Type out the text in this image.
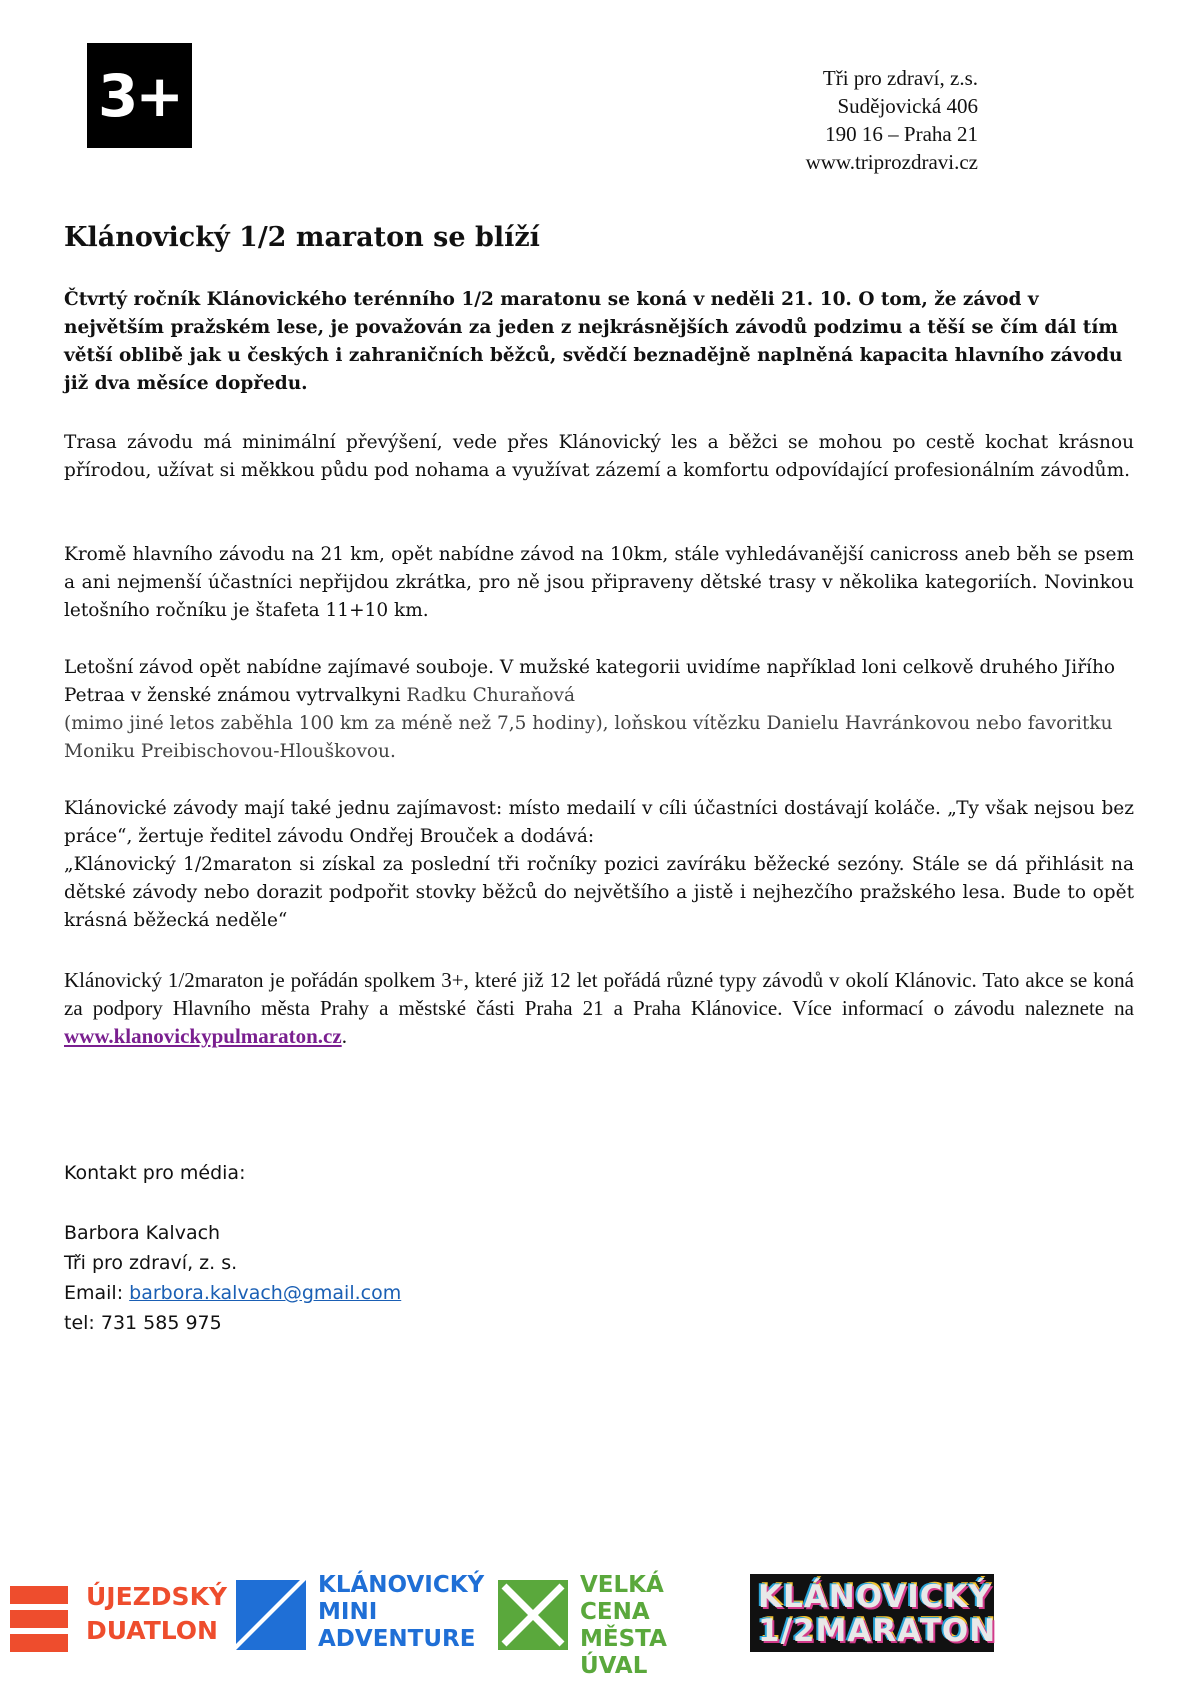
3+	Tři pro zdraví, z.s.
Sudějovická 406
190 16 – Praha 21
www.triprozdravi.cz
Klánovický 1/2 maraton se blíží

Čtvrtý ročník Klánovického terénního 1/2 maratonu se koná v neděli 21. 10. O tom, že závod v největším pražském lese, je považován za jeden z nejkrásnějších závodů podzimu a těší se čím dál tím větší oblibě jak u českých i zahraničních běžců, svědčí beznadějně naplněná kapacita hlavního závodu již dva měsíce dopředu.

Trasa závodu má minimální převýšení, vede přes Klánovický les a běžci se mohou po cestě kochat krásnou přírodou, užívat si měkkou půdu pod nohama a využívat zázemí a komfortu odpovídající profesionálním závodům.

Kromě hlavního závodu na 21 km, opět nabídne závod na 10km, stále vyhledávanější canicross aneb běh se psem a ani nejmenší účastníci nepřijdou zkrátka, pro ně jsou připraveny dětské trasy v několika kategoriích. Novinkou letošního ročníku je štafeta 11+10 km.

Letošní závod opět nabídne zajímavé souboje. V mužské kategorii uvidíme například loni celkově druhého Jiřího Petraa v ženské známou vytrvalkyni Radku Churaňová
(mimo jiné letos zaběhla 100 km za méně než 7,5 hodiny), loňskou vítězku Danielu Havránkovou nebo favoritku Moniku Preibischovou-Hlouškovou.
Klánovické závody mají také jednu zajímavost: místo medailí v cíli účastníci dostávají koláče. „Ty však nejsou bez práce“, žertuje ředitel závodu Ondřej Brouček a dodává:
„Klánovický 1/2maraton si získal za poslední tři ročníky pozici zavíráku běžecké sezóny. Stále se dá přihlásit na dětské závody nebo dorazit podpořit stovky běžců do největšího a jistě i nejhezčího pražského lesa. Bude to opět krásná běžecká neděle“

Klánovický 1/2maraton je pořádán spolkem 3+, které již 12 let pořádá různé typy závodů v okolí Klánovic. Tato akce se koná za podpory Hlavního města Prahy a městské části Praha 21 a Praha Klánovice. Více informací o závodu naleznete na www.klanovickypulmaraton.cz.

Kontakt pro média:
Barbora Kalvach
Tři pro zdraví, z. s.
Email: barbora.kalvach@gmail.com
tel: 731 585 975
ÚJEZDSKÝ
DUATLON
KLÁNOVICKÝ
MINI
ADVENTURE
VELKÁ
CENA
MĚSTA ÚVAL
KLÁNOVICKÝ
1/2MARATON
